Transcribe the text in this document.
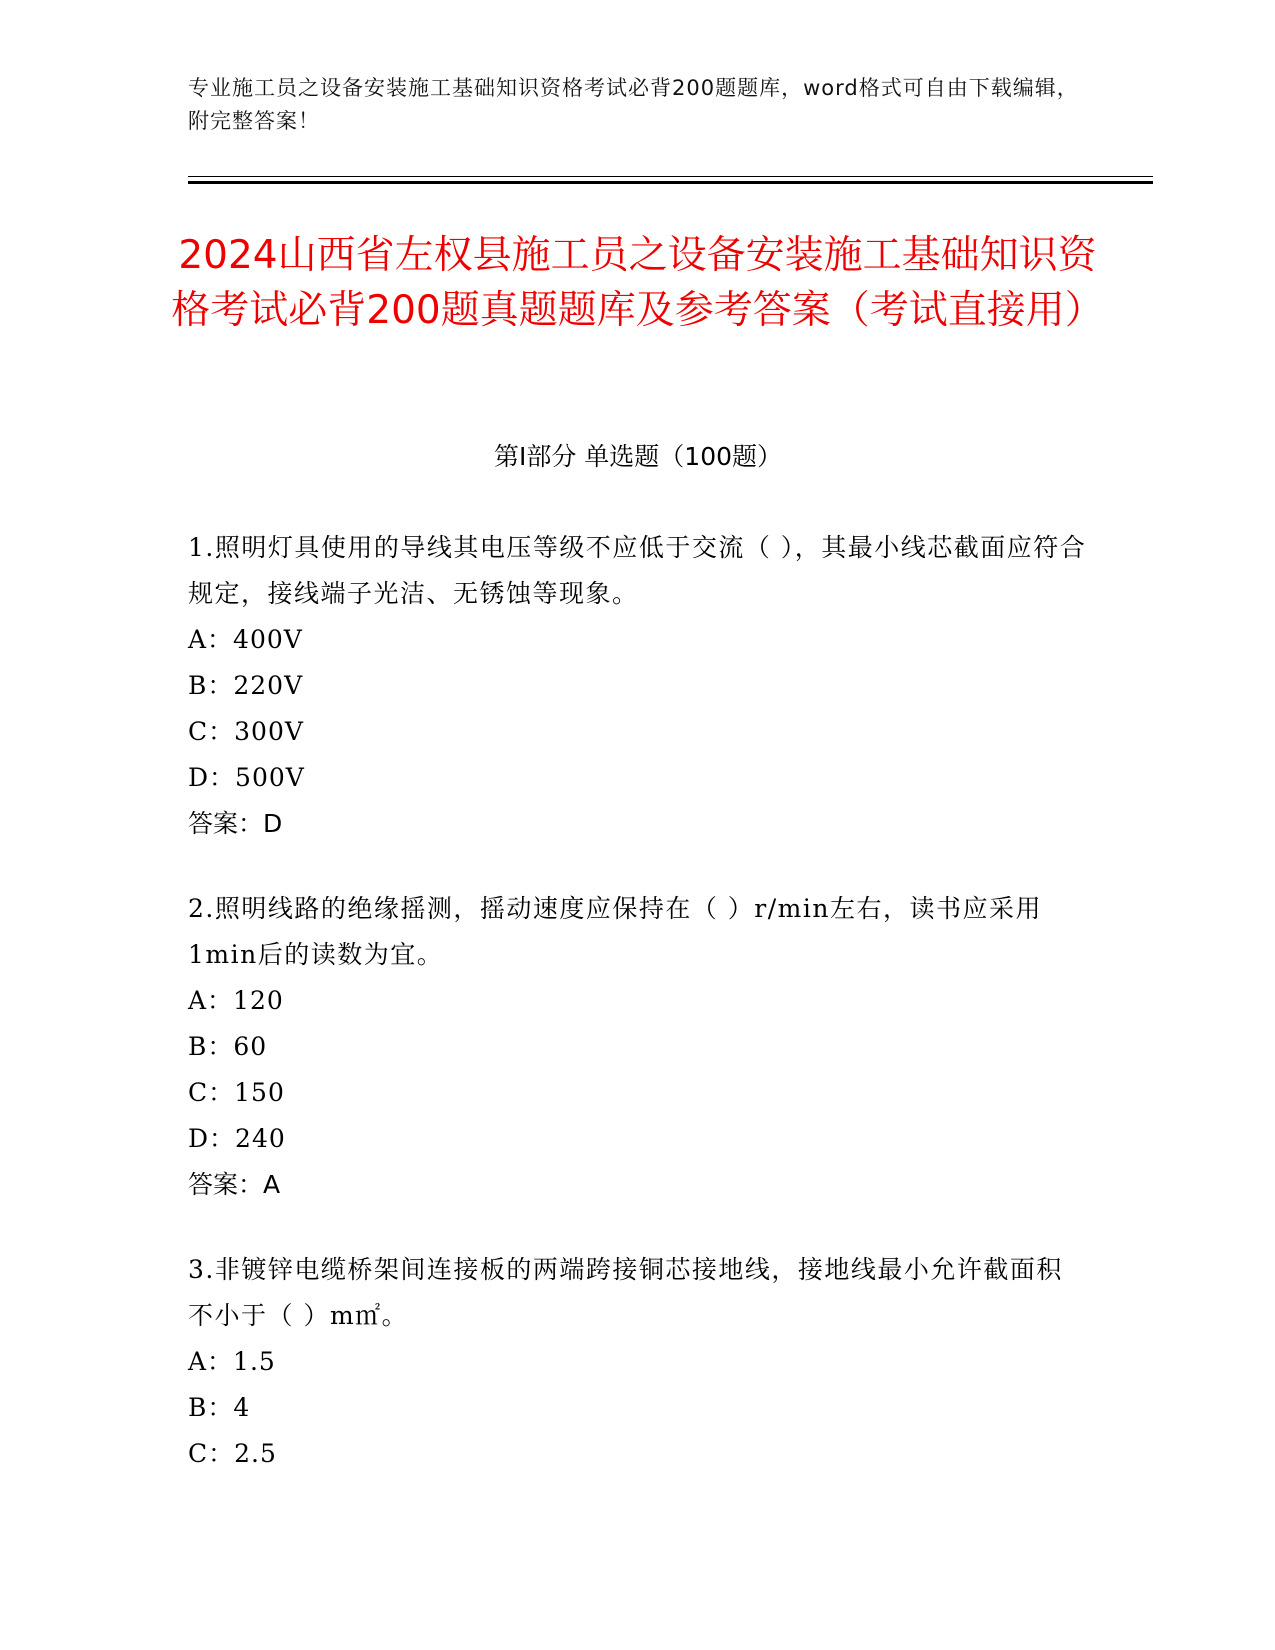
专业施工员之设备安装施工基础知识资格考试必背200题题库，word格式可自由下载编辑，附完整答案！
2024山西省左权县施工员之设备安装施工基础知识资格考试必背200题真题题库及参考答案（考试直接用）
第I部分 单选题（100题）

1.照明灯具使用的导线其电压等级不应低于交流（ ），其最小线芯截面应符合规定，接线端子光洁、无锈蚀等现象。

A：400V

B：220V

C：300V

D：500V

答案：D

2.照明线路的绝缘摇测，摇动速度应保持在（ ）r/min左右，读书应采用1min后的读数为宜。

A：120

B：60

C：150

D：240

答案：A

3.非镀锌电缆桥架间连接板的两端跨接铜芯接地线，接地线最小允许截面积不小于（ ）m㎡。

A：1.5

B：4

C：2.5
